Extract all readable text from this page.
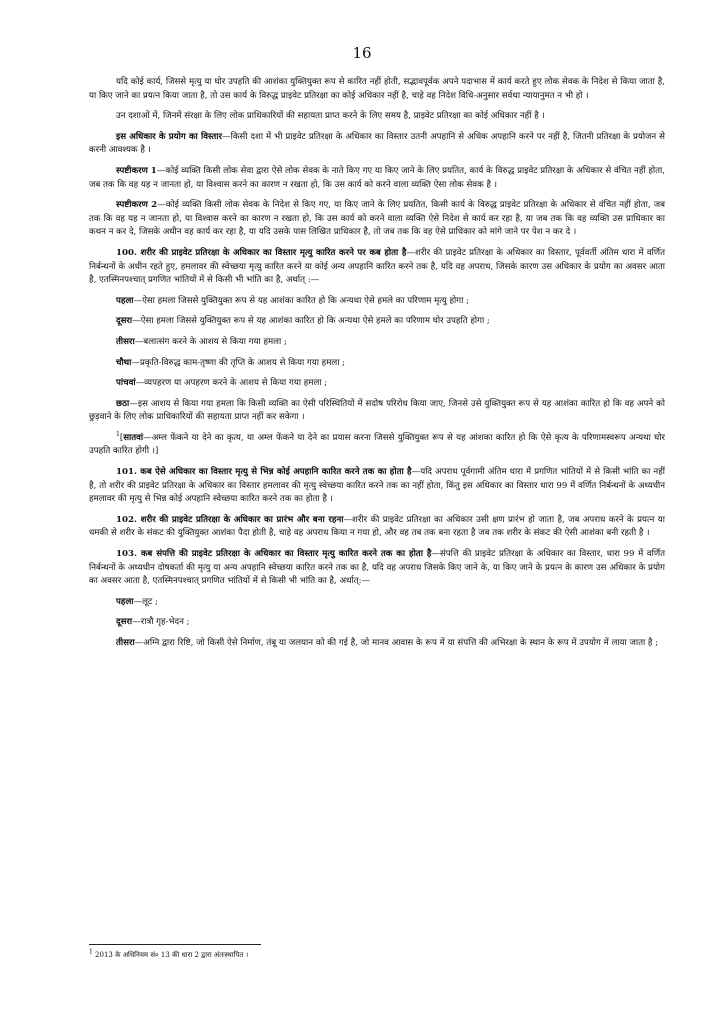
16

यदि कोई कार्य, जिससे मृत्यु या घोर उपहति की आशंका युक्तियुक्त रूप से कारित नहीं होती, सद्भावपूर्वक अपने पदाभास में कार्य करते हुए लोक सेवक के निदेश से किया जाता है, या किए जाने का प्रयत्न किया जाता है, तो उस कार्य के विरुद्ध प्राइवेट प्रतिरक्षा का कोई अधिकार नहीं है, चाहे वह निदेश विधि-अनुसार सर्वथा न्यायानुमत न भी हो ।

उन दशाओं में, जिनमें संरक्षा के लिए लोक प्राधिकारियों की सहायता प्राप्त करने के लिए समय है, प्राइवेट प्रतिरक्षा का कोई अधिकार नहीं है ।

इस अधिकार के प्रयोग का विस्तार—किसी दशा में भी प्राइवेट प्रतिरक्षा के अधिकार का विस्तार उतनी अपहानि से अधिक अपहानि करने पर नहीं है, जितनी प्रतिरक्षा के प्रयोजन से करनी आवश्यक है ।

स्पष्टीकरण 1—कोई व्यक्ति किसी लोक सेवा द्वारा ऐसे लोक सेवक के नाते किए गए या किए जाने के लिए प्रयतित, कार्य के विरुद्ध प्राइवेट प्रतिरक्षा के अधिकार से वंचित नहीं होता, जब तक कि वह यह न जानता हो, या विश्वास करने का कारण न रखता हो, कि उस कार्य को करने वाला व्यक्ति ऐसा लोक सेवक है ।

स्पष्टीकरण 2—कोई व्यक्ति किसी लोक सेवक के निदेश से किए गए, या किए जाने के लिए प्रयतित, किसी कार्य के विरुद्ध प्राइवेट प्रतिरक्षा के अधिकार से वंचित नहीं होता, जब तक कि वह यह न जानता हो, या विश्वास करने का कारण न रखता हो, कि उस कार्य को करने वाला व्यक्ति ऐसे निदेश से कार्य कर रहा है, या जब तक कि वह व्यक्ति उस प्राधिकार का कथन न कर दे, जिसके अधीन वह कार्य कर रहा है, या यदि उसके पास लिखित प्राधिकार है, तो जब तक कि वह ऐसे प्राधिकार को मांगे जाने पर पेश न कर दे ।

100. शरीर की प्राइवेट प्रतिरक्षा के अधिकार का विस्तार मृत्यु कारित करने पर कब होता है—शरीर की प्राइवेट प्रतिरक्षा के अधिकार का विस्तार, पूर्ववर्ती अंतिम धारा में वर्णित निर्बन्धनों के अधीन रहते हुए, हमलावर की स्वेच्छया मृत्यु कारित करने या कोई अन्य अपहानि कारित करने तक है, यदि वह अपराध, जिसके कारण उस अधिकार के प्रयोग का अवसर आता है, एतस्मिनपश्चात् प्रगणित भांतियों में से किसी भी भांति का है, अर्थात् :—

पहला—ऐसा हमला जिससे युक्तियुक्त रूप से यह आशंका कारित हो कि अन्यथा ऐसे हमले का परिणाम मृत्यु होगा ;

दूसरा—ऐसा हमला जिससे युक्तियुक्त रूप से यह आशंका कारित हो कि अन्यथा ऐसे हमले का परिणाम घोर उपहति होगा ;

तीसरा—बलात्संग करने के आशय से किया गया हमला ;

चौथा—प्रकृति-विरुद्ध काम-तृष्णा की तृप्ति के आशय से किया गया हमला ;

पांचवां—व्यपहरण या अपहरण करने के आशय से किया गया हमला ;

छठा—इस आशय से किया गया हमला कि किसी व्यक्ति का ऐसी परिस्थितियों में सदोष परिरोध किया जाए, जिनसे उसे युक्तियुक्त रूप से यह आशंका कारित हो कि वह अपने को छुड़वाने के लिए लोक प्राधिकारियों की सहायता प्राप्त नहीं कर सकेगा ।

$^1$[सातवां—अम्ल फेंकने या देने का कृत्य, या अम्ल फेंकने या देने का प्रयास करना जिससे युक्तियुक्त रूप से यह आंशका कारित हो कि ऐसे कृत्य के परिणामस्वरूप अन्यथा घोर उपहति कारित होगी ।]

101. कब ऐसे अधिकार का विस्तार मृत्यु से भिन्न कोई अपहानि कारित करने तक का होता है—यदि अपराध पूर्वगामी अंतिम धारा में प्रगणित भांतियों में से किसी भांति का नहीं है, तो शरीर की प्राइवेट प्रतिरक्षा के अधिकार का विस्तार हमलावर की मृत्यु स्वेच्छया कारित करने तक का नहीं होता, किंतु इस अधिकार का विस्तार धारा 99 में वर्णित निर्बन्धनों के अध्यधीन हमलावर की मृत्यु से भिन्न कोई अपहानि स्वेच्छया कारित करने तक का होता है ।

102. शरीर की प्राइवेट प्रतिरक्षा के अधिकार का प्रारंभ और बना रहना—शरीर की प्राइवेट प्रतिरक्षा का अधिकार उसी क्षण प्रारंभ हो जाता है, जब अपराध करने के प्रयत्न या धमकी से शरीर के संकट की युक्तियुक्त आशंका पैदा होती है, चाहे वह अपराध किया न गया हो, और वह तब तक बना रहता है जब तक शरीर के संकट की ऐसी आशंका बनी रहती है ।

103. कब संपत्ति की प्राइवेट प्रतिरक्षा के अधिकार का विस्तार मृत्यु कारित करने तक का होता है—संपत्ति की प्राइवेट प्रतिरक्षा के अधिकार का विस्तार, धारा 99 में वर्णित निर्बन्धनों के अध्यधीन दोषकर्ता की मृत्यु या अन्य अपहानि स्वेच्छया कारित करने तक का है, यदि वह अपराध जिसके किए जाने के, या किए जाने के प्रयत्न के कारण उस अधिकार के प्रयोग का अवसर आता है, एतस्मिनपश्चात् प्रगणित भांतियों में से किसी भी भांति का है, अर्थात्:—

पहला—लूट ;

दूसरा—रात्रौ गृह-भेदन ;

तीसरा—अग्नि द्वारा रिष्टि, जो किसी ऐसे निर्माण, तंबू या जलयान को की गई है, जो मानव आवास के रूप में या संपत्ति की अभिरक्षा के स्थान के रूप में उपयोग में लाया जाता है ;

1 2013 के अधिनियम सं० 13 की धारा 2 द्वारा अंतःस्थापित ।
